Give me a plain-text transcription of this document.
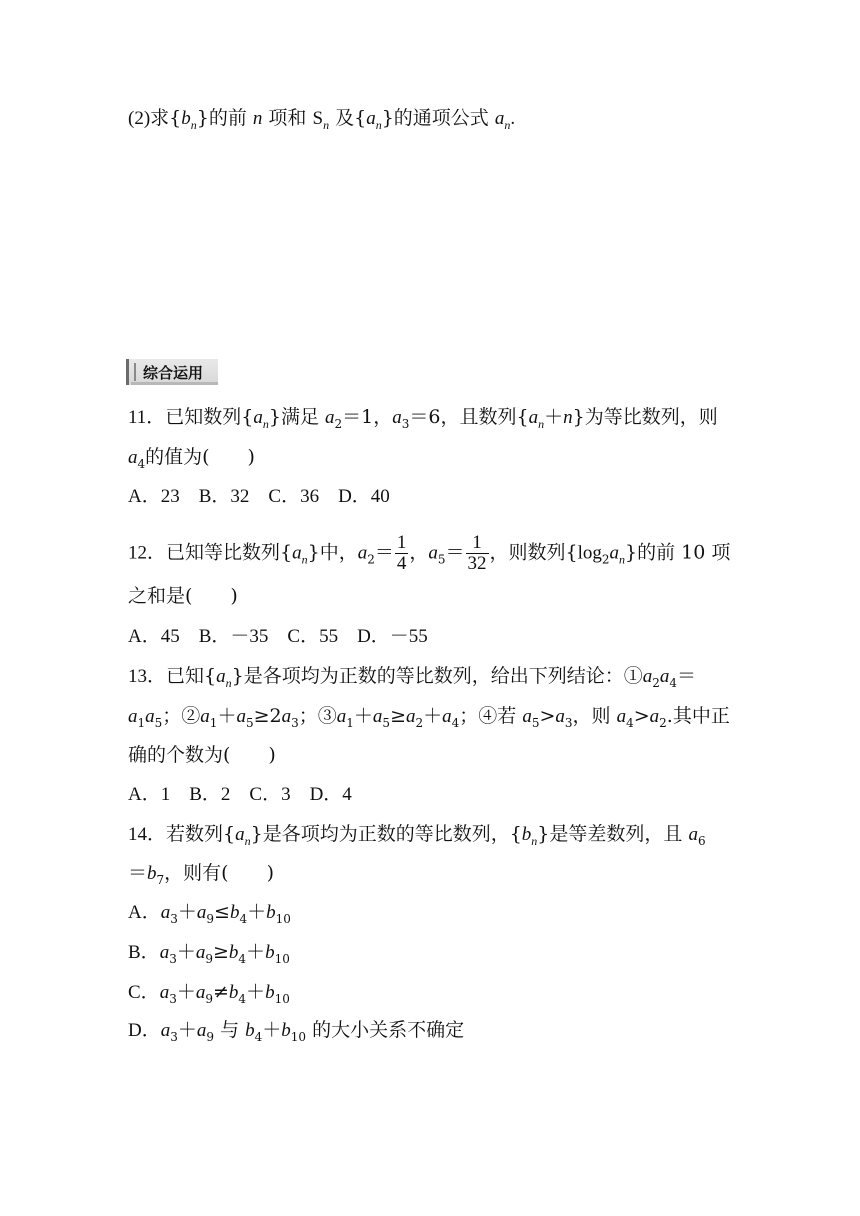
(2)求$\{b_n\}$的前 n 项和 $S_n$ 及$\{a_n\}$的通项公式 $a_n$.
综合运用
11．已知数列$\{a_n\}$满足 $a_2=1$，$a_3=6$，且数列$\{a_n+n\}$为等比数列，则
$a_4$的值为(　　)
A．23　B．32　C．36　D．40
12．已知等比数列$\{a_n\}$中，$a_2= \frac{1}{4}$ ，$a_5= \frac{1}{32}$ ，则数列$\{\log_2a_n\}$的前 10 项
之和是(　　)
A．45　B．－35　C．55　D．－55
13．已知$\{a_n\}$是各项均为正数的等比数列，给出下列结论：$①a_2a_4=$
$a_1a_5$；$②a_1+a_5\ge 2a_3$；$③a_1+a_5\ge a_2+a_4$；④若 $a_5>a_3$，则 $a_4>a_2$.其中正
确的个数为(　　)
A．1　B．2　C．3　D．4
14．若数列$\{a_n\}$是各项均为正数的等比数列，$\{b_n\}$是等差数列，且 $a_6$
$=b_7$，则有(　　)
A．$a_3+a_9\le b_4+b_{10}$
B．$a_3+a_9\ge b_4+b_{10}$
C．$a_3+a_9\ne b_4+b_{10}$
D．$a_3+a_9$ 与 $b_4+b_{10}$ 的大小关系不确定
